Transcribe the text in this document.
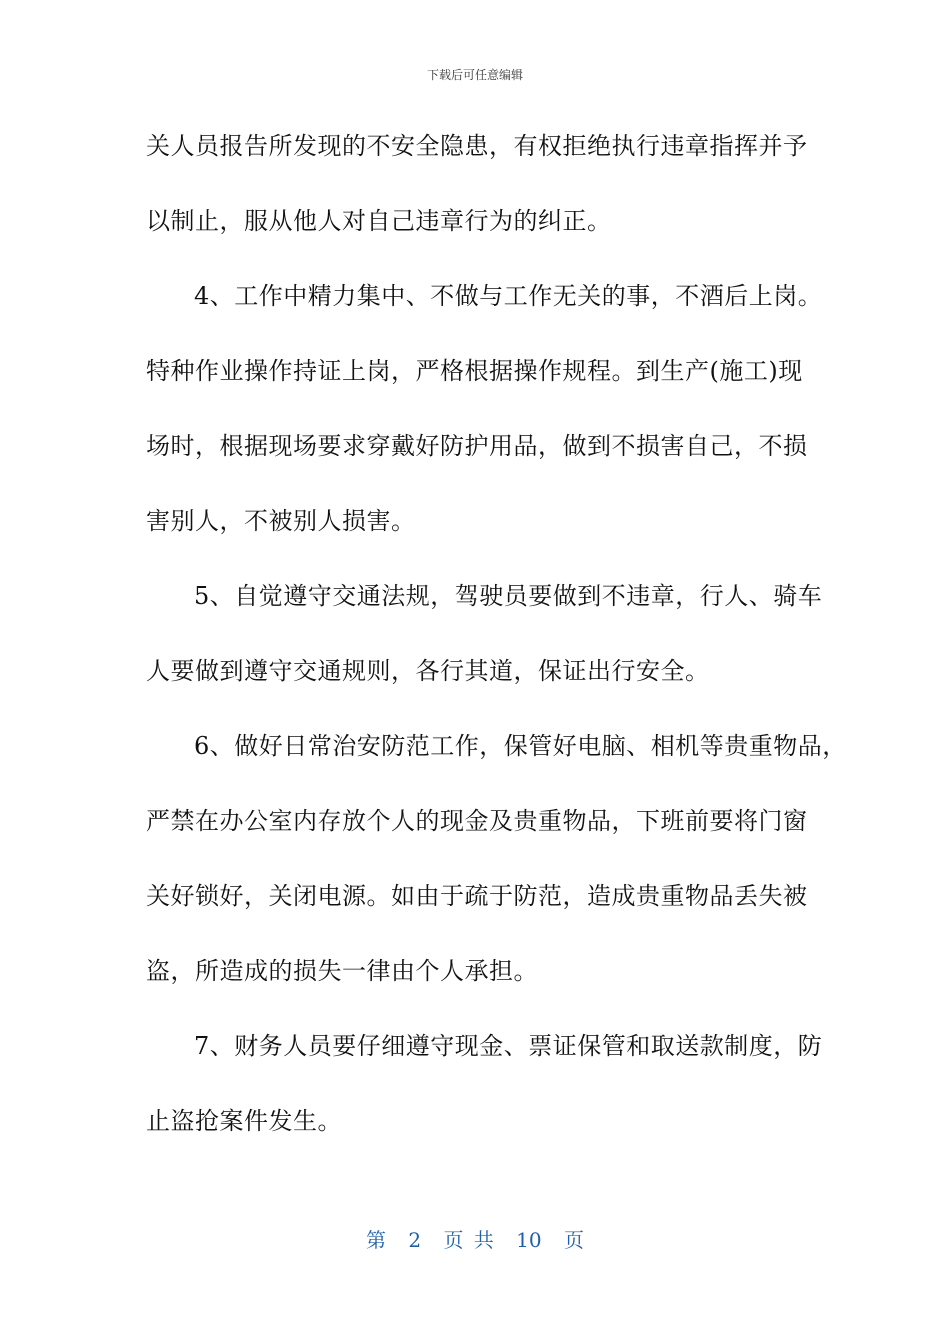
下载后可任意编辑
关人员报告所发现的不安全隐患，有权拒绝执行违章指挥并予
以制止，服从他人对自己违章行为的纠正。
4、工作中精力集中、不做与工作无关的事，不酒后上岗。
特种作业操作持证上岗，严格根据操作规程。到生产(施工)现
场时，根据现场要求穿戴好防护用品，做到不损害自己，不损
害别人，不被别人损害。
5、自觉遵守交通法规，驾驶员要做到不违章，行人、骑车
人要做到遵守交通规则，各行其道，保证出行安全。
6、做好日常治安防范工作，保管好电脑、相机等贵重物品，
严禁在办公室内存放个人的现金及贵重物品，下班前要将门窗
关好锁好，关闭电源。如由于疏于防范，造成贵重物品丢失被
盗，所造成的损失一律由个人承担。
7、财务人员要仔细遵守现金、票证保管和取送款制度，防
止盗抢案件发生。
第 2 页 共 10 页
